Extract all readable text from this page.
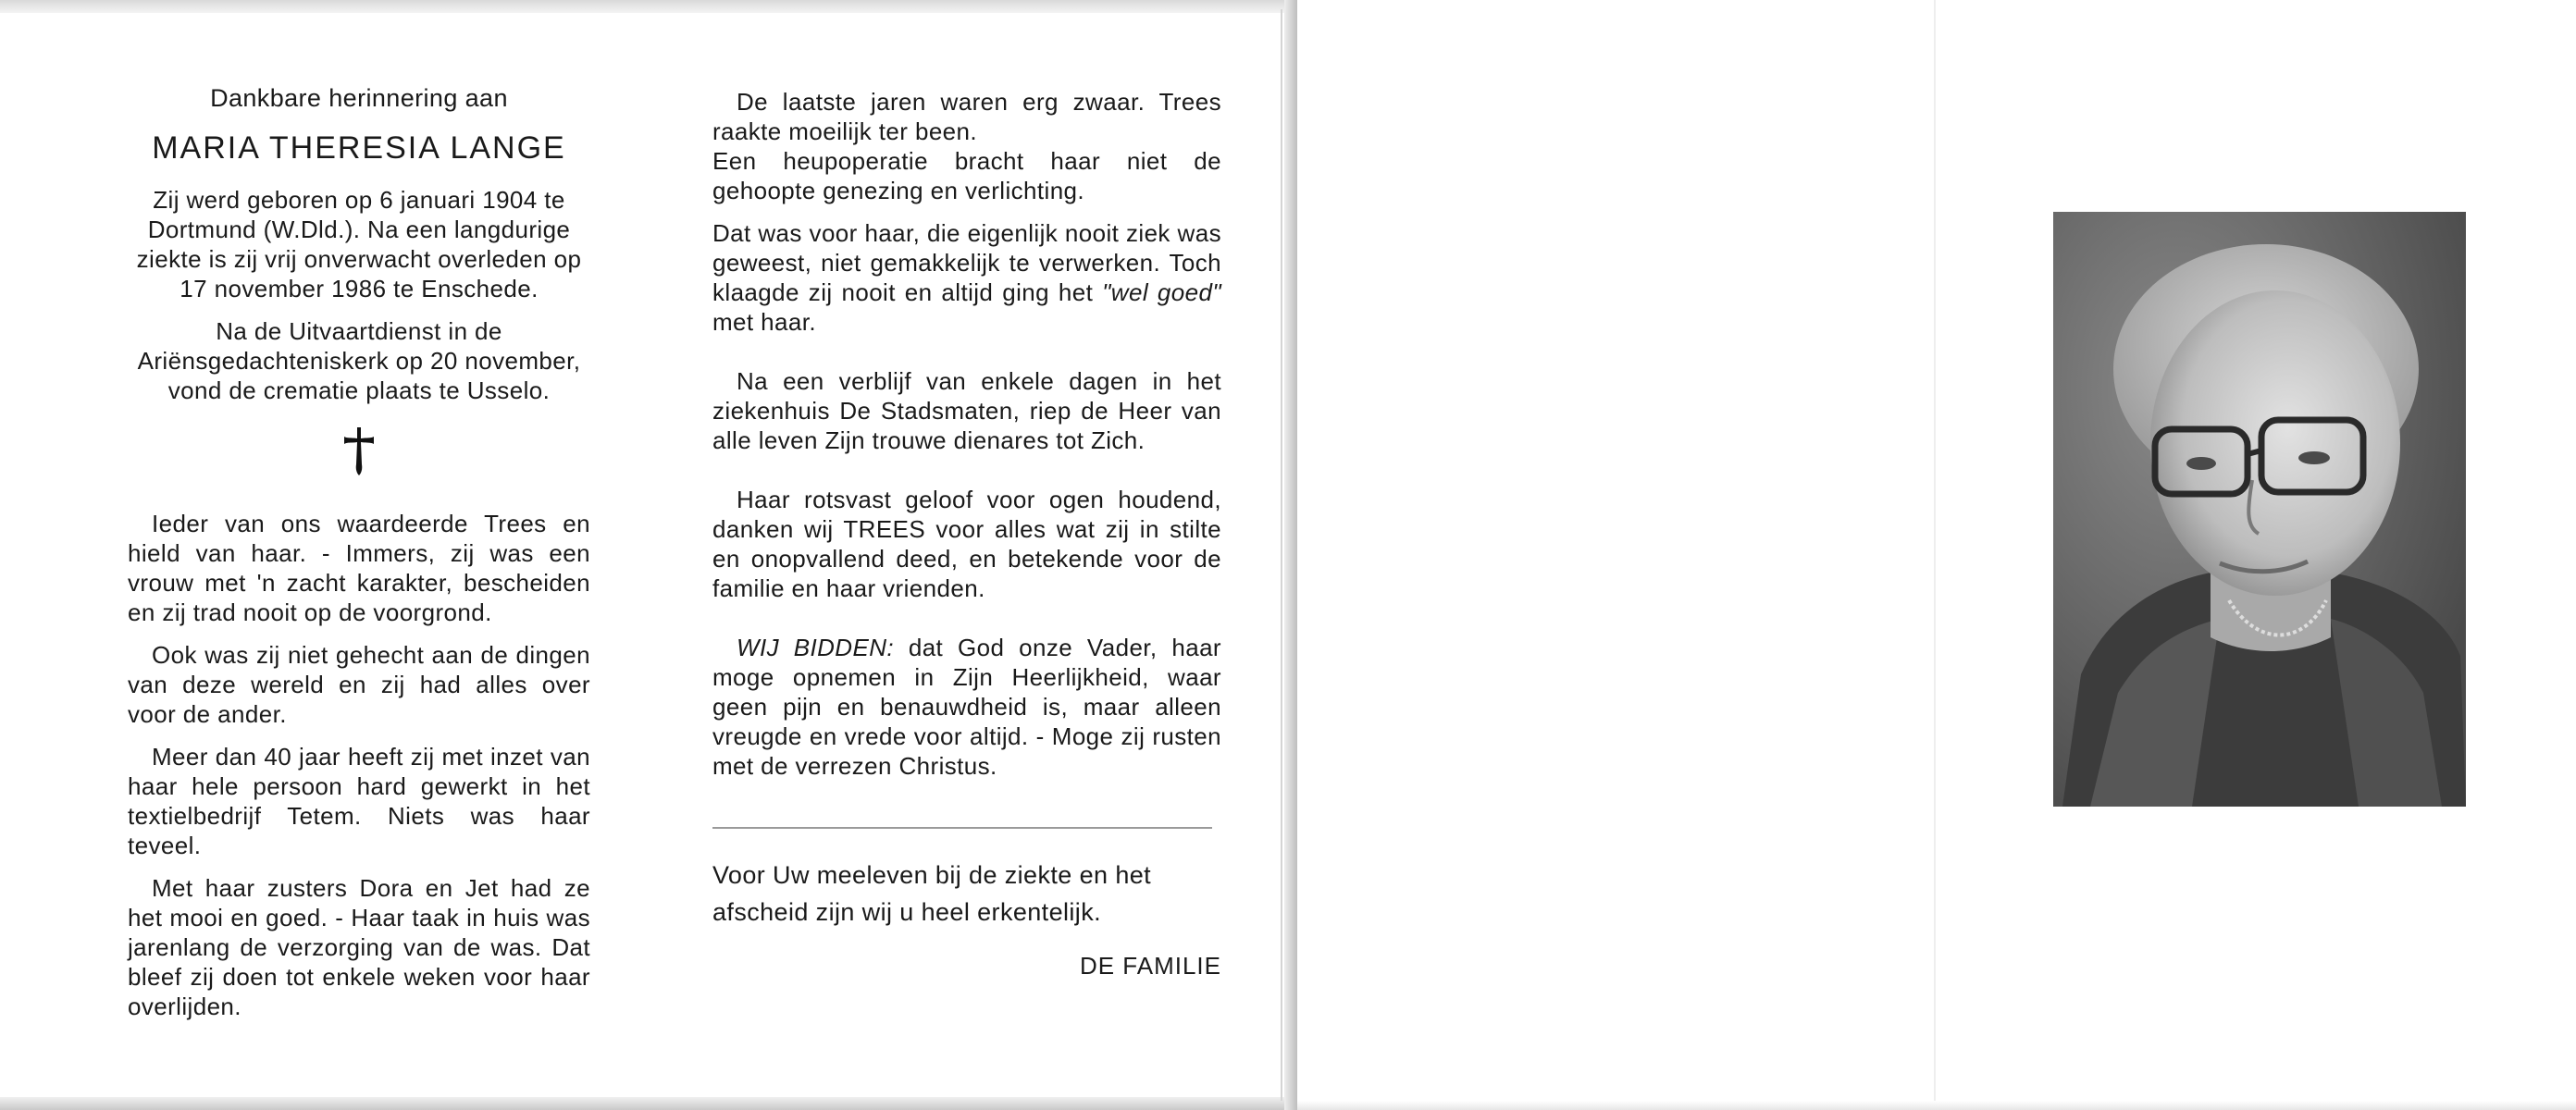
Dankbare herinnering aan

MARIA THERESIA LANGE

Zij werd geboren op 6 januari 1904 te Dortmund (W.Dld.). Na een langdurige ziekte is zij vrij onverwacht overleden op 17 november 1986 te Enschede.

Na de Uitvaartdienst in de Ariënsgedachteniskerk op 20 november, vond de crematie plaats te Usselo.

Ieder van ons waardeerde Trees en hield van haar. - Immers, zij was een vrouw met 'n zacht karakter, bescheiden en zij trad nooit op de voorgrond.

Ook was zij niet gehecht aan de dingen van deze wereld en zij had alles over voor de ander.

Meer dan 40 jaar heeft zij met inzet van haar hele persoon hard gewerkt in het textielbedrijf Tetem. Niets was haar teveel.

Met haar zusters Dora en Jet had ze het mooi en goed. - Haar taak in huis was jarenlang de verzorging van de was. Dat bleef zij doen tot enkele weken voor haar overlijden.

De laatste jaren waren erg zwaar. Trees raakte moeilijk ter been.

Een heupoperatie bracht haar niet de gehoopte genezing en verlichting.

Dat was voor haar, die eigenlijk nooit ziek was geweest, niet gemakkelijk te verwerken. Toch klaagde zij nooit en altijd ging het "wel goed" met haar.

Na een verblijf van enkele dagen in het ziekenhuis De Stadsmaten, riep de Heer van alle leven Zijn trouwe dienares tot Zich.

Haar rotsvast geloof voor ogen houdend, danken wij TREES voor alles wat zij in stilte en onopvallend deed, en betekende voor de familie en haar vrienden.

WIJ BIDDEN: dat God onze Vader, haar moge opnemen in Zijn Heerlijkheid, waar geen pijn en benauwdheid is, maar alleen vreugde en vrede voor altijd. - Moge zij rusten met de verrezen Christus.

Voor Uw meeleven bij de ziekte en het afscheid zijn wij u heel erkentelijk.

DE FAMILIE
